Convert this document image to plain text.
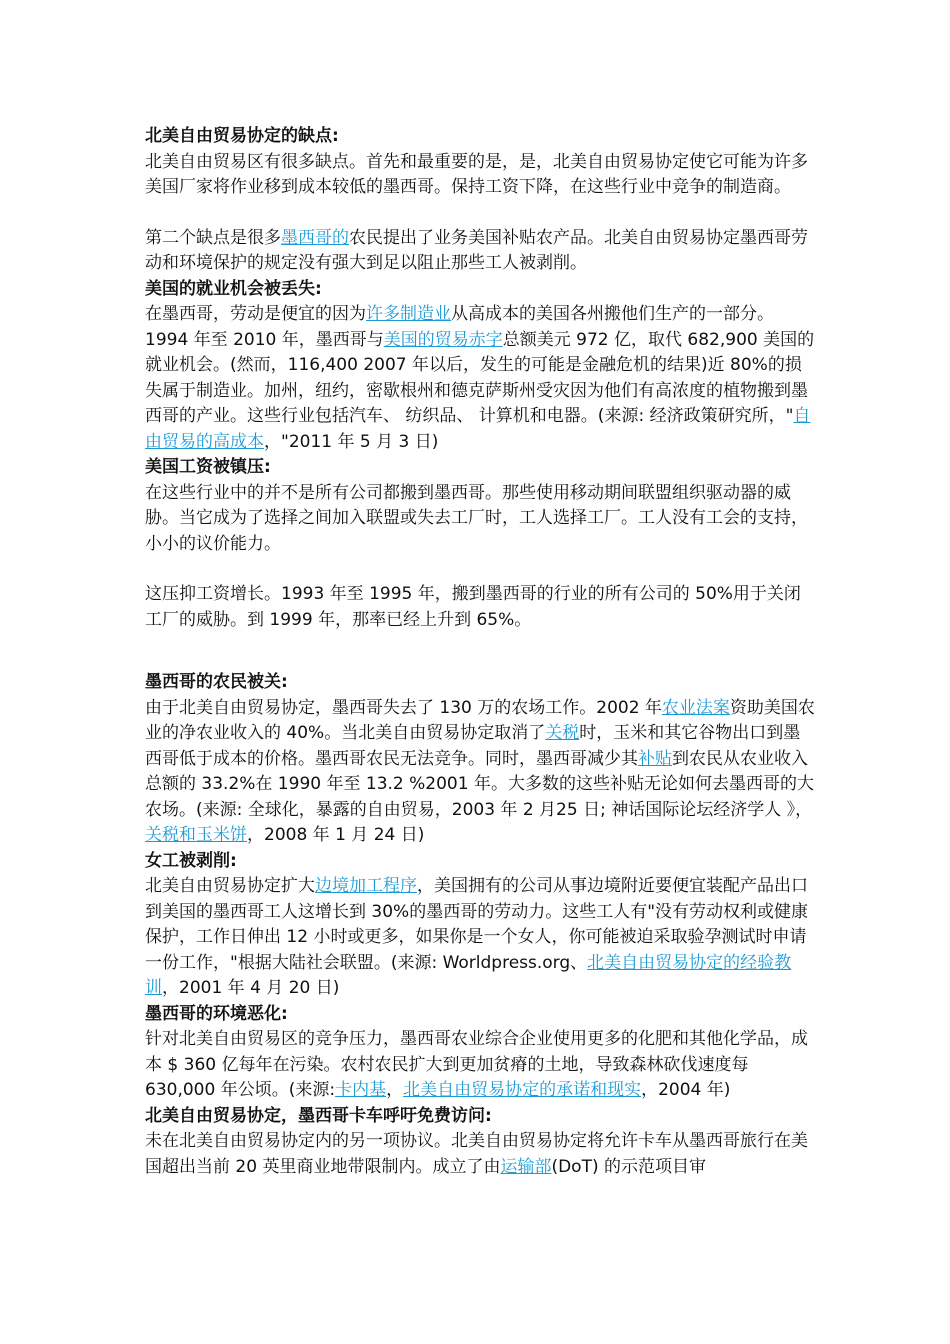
北美自由贸易协定的缺点:

北美自由贸易区有很多缺点。首先和最重要的是，是，北美自由贸易协定使它可能为许多美国厂家将作业移到成本较低的墨西哥。保持工资下降，在这些行业中竞争的制造商。

第二个缺点是很多墨西哥的农民提出了业务美国补贴农产品。北美自由贸易协定墨西哥劳动和环境保护的规定没有强大到足以阻止那些工人被剥削。

美国的就业机会被丢失:

在墨西哥，劳动是便宜的因为许多制造业从高成本的美国各州搬他们生产的一部分。1994 年至 2010 年，墨西哥与美国的贸易赤字总额美元 972 亿，取代 682,900 美国的就业机会。(然而，116,400 2007 年以后，发生的可能是金融危机的结果)近 80%的损失属于制造业。加州，纽约，密歇根州和德克萨斯州受灾因为他们有高浓度的植物搬到墨西哥的产业。这些行业包括汽车、 纺织品、 计算机和电器。(来源: 经济政策研究所，"自由贸易的高成本，"2011 年 5 月 3 日)

美国工资被镇压:

在这些行业中的并不是所有公司都搬到墨西哥。那些使用移动期间联盟组织驱动器的威胁。当它成为了选择之间加入联盟或失去工厂时，工人选择工厂。工人没有工会的支持，小小的议价能力。

这压抑工资增长。1993 年至 1995 年，搬到墨西哥的行业的所有公司的 50%用于关闭工厂的威胁。到 1999 年，那率已经上升到 65%。

墨西哥的农民被关:

由于北美自由贸易协定，墨西哥失去了 130 万的农场工作。2002 年农业法案资助美国农业的净农业收入的 40%。当北美自由贸易协定取消了关税时，玉米和其它谷物出口到墨西哥低于成本的价格。墨西哥农民无法竞争。同时，墨西哥减少其补贴到农民从农业收入总额的 33.2%在 1990 年至 13.2 %2001 年。大多数的这些补贴无论如何去墨西哥的大农场。(来源: 全球化，暴露的自由贸易，2003 年 2 月25 日; 神话国际论坛经济学人 》，关税和玉米饼，2008 年 1 月 24 日)

女工被剥削:

北美自由贸易协定扩大边境加工程序，美国拥有的公司从事边境附近要便宜装配产品出口到美国的墨西哥工人这增长到 30%的墨西哥的劳动力。这些工人有"没有劳动权利或健康保护，工作日伸出 12 小时或更多，如果你是一个女人，你可能被迫采取验孕测试时申请一份工作，"根据大陆社会联盟。(来源: Worldpress.org、北美自由贸易协定的经验教训，2001 年 4 月 20 日)

墨西哥的环境恶化:

针对北美自由贸易区的竞争压力，墨西哥农业综合企业使用更多的化肥和其他化学品，成本 $ 360 亿每年在污染。农村农民扩大到更加贫瘠的土地，导致森林砍伐速度每 630,000 年公顷。(来源:卡内基，北美自由贸易协定的承诺和现实，2004 年)

北美自由贸易协定，墨西哥卡车呼吁免费访问:

未在北美自由贸易协定内的另一项协议。北美自由贸易协定将允许卡车从墨西哥旅行在美国超出当前 20 英里商业地带限制内。成立了由运输部(DoT) 的示范项目审
